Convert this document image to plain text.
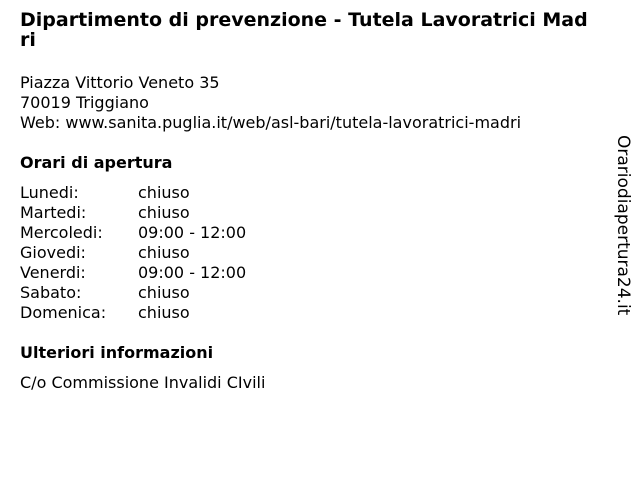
Dipartimento di prevenzione - Tutela Lavoratrici Madri
Piazza Vittorio Veneto 35
70019 Triggiano
Web: www.sanita.puglia.it/web/asl-bari/tutela-lavoratrici-madri
Orari di apertura
Lunedi:	chiuso
Martedi:	chiuso
Mercoledi:	09:00 - 12:00
Giovedi:	chiuso
Venerdi:	09:00 - 12:00
Sabato:	chiuso
Domenica:	chiuso
Ulteriori informazioni
C/o Commissione Invalidi CIvili
Orariodiapertura24.it
